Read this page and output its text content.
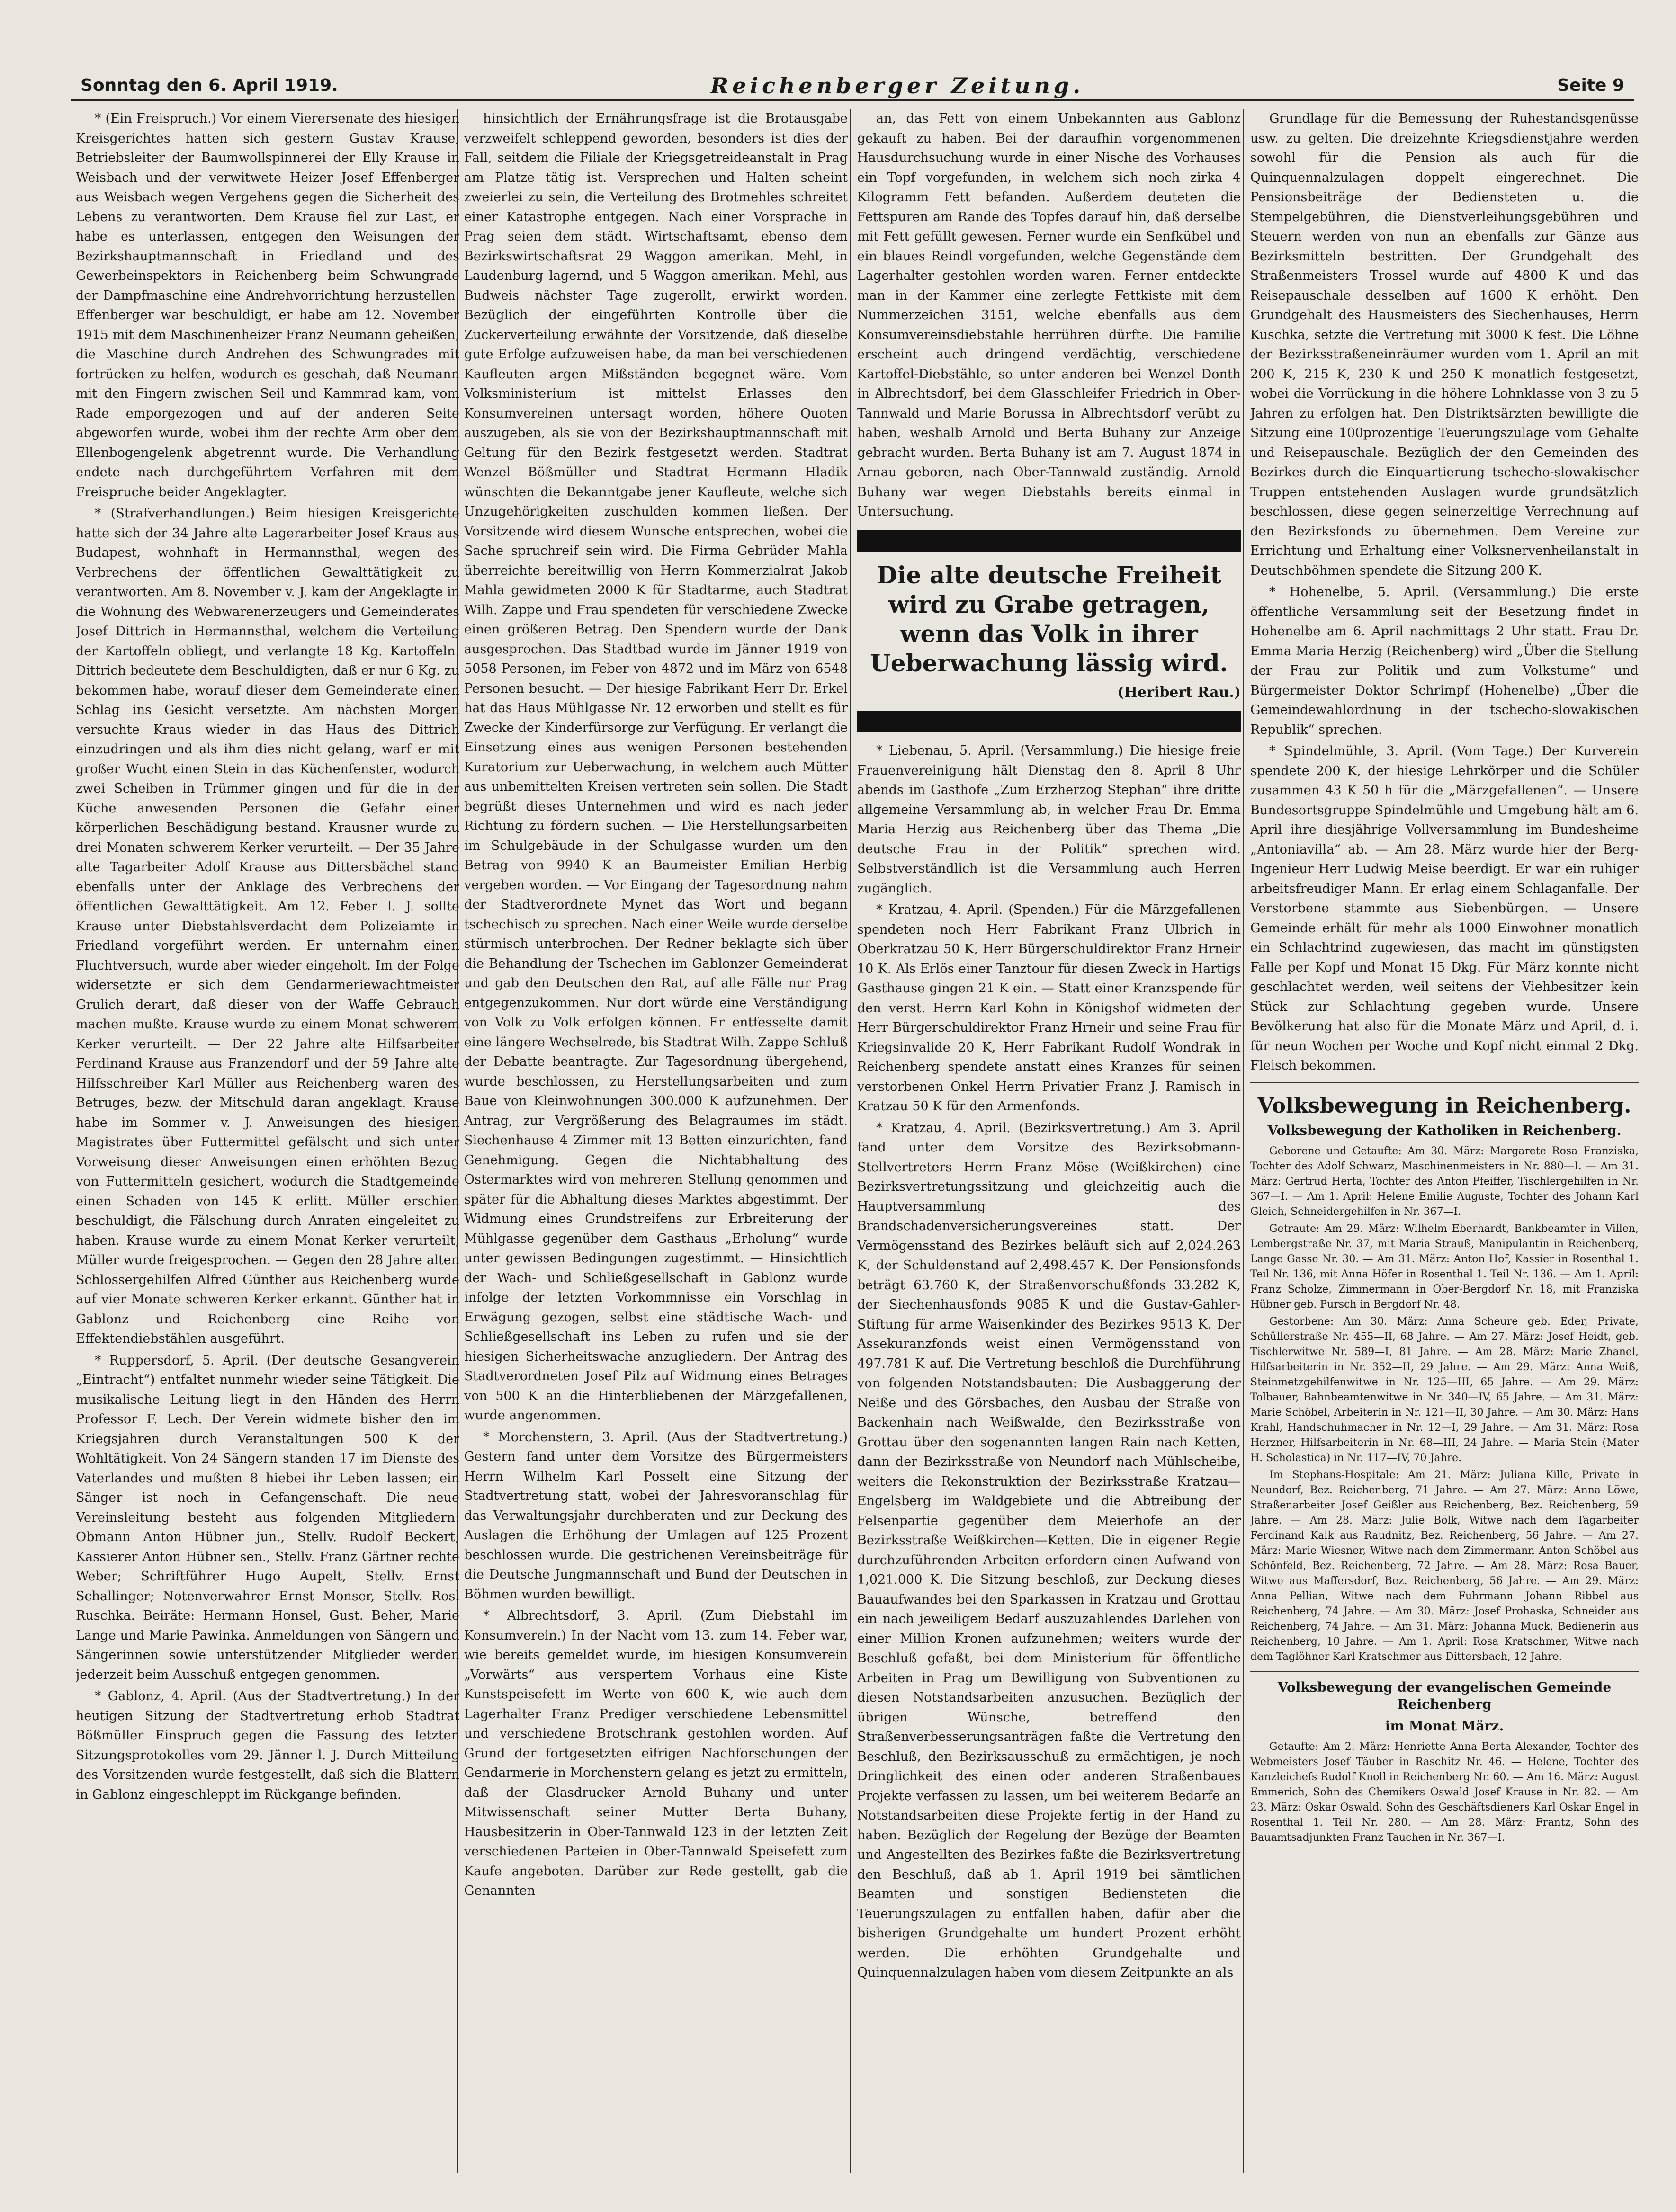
Sonntag den 6. April 1919.	Reichenberger Zeitung.	Seite 9

* (Ein Freispruch.) Vor einem Vierersenate des hiesigen Kreisgerichtes hatten sich gestern Gustav Krause, Betriebsleiter der Baumwollspinnerei der Elly Krause in Weisbach und der verwitwete Heizer Josef Effenberger aus Weisbach wegen Vergehens gegen die Sicherheit des Lebens zu verantworten. Dem Krause fiel zur Last, er habe es unterlassen, entgegen den Weisungen der Bezirkshauptmannschaft in Friedland und des Gewerbeinspektors in Reichenberg beim Schwungrade der Dampfmaschine eine Andrehvorrichtung herzustellen. Effenberger war beschuldigt, er habe am 12. November 1915 mit dem Maschinenheizer Franz Neumann geheißen, die Maschine durch Andrehen des Schwungrades mit fortrücken zu helfen, wodurch es geschah, daß Neumann mit den Fingern zwischen Seil und Kammrad kam, vom Rade emporgezogen und auf der anderen Seite abgeworfen wurde, wobei ihm der rechte Arm ober dem Ellenbogengelenk abgetrennt wurde. Die Verhandlung endete nach durchgeführtem Verfahren mit dem Freispruche beider Angeklagter.

* (Strafverhandlungen.) Beim hiesigen Kreisgerichte hatte sich der 34 Jahre alte Lagerarbeiter Josef Kraus aus Budapest, wohnhaft in Hermannsthal, wegen des Verbrechens der öffentlichen Gewalttätigkeit zu verantworten. Am 8. November v. J. kam der Angeklagte in die Wohnung des Webwarenerzeugers und Gemeinderates Josef Dittrich in Hermannsthal, welchem die Verteilung der Kartoffeln obliegt, und verlangte 18 Kg. Kartoffeln. Dittrich bedeutete dem Beschuldigten, daß er nur 6 Kg. zu bekommen habe, worauf dieser dem Gemeinderate einen Schlag ins Gesicht versetzte. Am nächsten Morgen versuchte Kraus wieder in das Haus des Dittrich einzudringen und als ihm dies nicht gelang, warf er mit großer Wucht einen Stein in das Küchenfenster, wodurch zwei Scheiben in Trümmer gingen und für die in der Küche anwesenden Personen die Gefahr einer körperlichen Beschädigung bestand. Krausner wurde zu drei Monaten schwerem Kerker verurteilt. — Der 35 Jahre alte Tagarbeiter Adolf Krause aus Dittersbächel stand ebenfalls unter der Anklage des Verbrechens der öffentlichen Gewalttätigkeit. Am 12. Feber l. J. sollte Krause unter Diebstahlsverdacht dem Polizeiamte in Friedland vorgeführt werden. Er unternahm einen Fluchtversuch, wurde aber wieder eingeholt. Im der Folge widersetzte er sich dem Gendarmeriewachtmeister Grulich derart, daß dieser von der Waffe Gebrauch machen mußte. Krause wurde zu einem Monat schwerem Kerker verurteilt. — Der 22 Jahre alte Hilfsarbeiter Ferdinand Krause aus Franzendorf und der 59 Jahre alte Hilfsschreiber Karl Müller aus Reichenberg waren des Betruges, bezw. der Mitschuld daran angeklagt. Krause habe im Sommer v. J. Anweisungen des hiesigen Magistrates über Futtermittel gefälscht und sich unter Vorweisung dieser Anweisungen einen erhöhten Bezug von Futtermitteln gesichert, wodurch die Stadtgemeinde einen Schaden von 145 K erlitt. Müller erschien beschuldigt, die Fälschung durch Anraten eingeleitet zu haben. Krause wurde zu einem Monat Kerker verurteilt, Müller wurde freigesprochen. — Gegen den 28 Jahre alten Schlossergehilfen Alfred Günther aus Reichenberg wurde auf vier Monate schweren Kerker erkannt. Günther hat in Gablonz und Reichenberg eine Reihe von Effektendiebstählen ausgeführt.

* Ruppersdorf, 5. April. (Der deutsche Gesangverein „Eintracht“) entfaltet nunmehr wieder seine Tätigkeit. Die musikalische Leitung liegt in den Händen des Herrn Professor F. Lech. Der Verein widmete bisher den im Kriegsjahren durch Veranstaltungen 500 K der Wohltätigkeit. Von 24 Sängern standen 17 im Dienste des Vaterlandes und mußten 8 hiebei ihr Leben lassen; ein Sänger ist noch in Gefangenschaft. Die neue Vereinsleitung besteht aus folgenden Mitgliedern: Obmann Anton Hübner jun., Stellv. Rudolf Beckert; Kassierer Anton Hübner sen., Stellv. Franz Gärtner rechte Weber; Schriftführer Hugo Aupelt, Stellv. Ernst Schallinger; Notenverwahrer Ernst Monser, Stellv. Rosl Ruschka. Beiräte: Hermann Honsel, Gust. Beher, Marie Lange und Marie Pawinka. Anmeldungen von Sängern und Sängerinnen sowie unterstützender Mitglieder werden jederzeit beim Ausschuß entgegen genommen.

* Gablonz, 4. April. (Aus der Stadtvertretung.) In der heutigen Sitzung der Stadtvertretung erhob Stadtrat Bößmüller Einspruch gegen die Fassung des letzten Sitzungsprotokolles vom 29. Jänner l. J. Durch Mitteilung des Vorsitzenden wurde festgestellt, daß sich die Blattern in Gablonz eingeschleppt im Rückgange befinden.

hinsichtlich der Ernährungsfrage ist die Brotausgabe verzweifelt schleppend geworden, besonders ist dies der Fall, seitdem die Filiale der Kriegsgetreideanstalt in Prag am Platze tätig ist. Versprechen und Halten scheint zweierlei zu sein, die Verteilung des Brotmehles schreitet einer Katastrophe entgegen. Nach einer Vorsprache in Prag seien dem städt. Wirtschaftsamt, ebenso dem Bezirkswirtschaftsrat 29 Waggon amerikan. Mehl, in Laudenburg lagernd, und 5 Waggon amerikan. Mehl, aus Budweis nächster Tage zugerollt, erwirkt worden. Bezüglich der eingeführten Kontrolle über die Zuckerverteilung erwähnte der Vorsitzende, daß dieselbe gute Erfolge aufzuweisen habe, da man bei verschiedenen Kaufleuten argen Mißständen begegnet wäre. Vom Volksministerium ist mittelst Erlasses den Konsumvereinen untersagt worden, höhere Quoten auszugeben, als sie von der Bezirkshauptmannschaft mit Geltung für den Bezirk festgesetzt werden. Stadtrat Wenzel Bößmüller und Stadtrat Hermann Hladik wünschten die Bekanntgabe jener Kaufleute, welche sich Unzugehörigkeiten zuschulden kommen ließen. Der Vorsitzende wird diesem Wunsche entsprechen, wobei die Sache spruchreif sein wird. Die Firma Gebrüder Mahla überreichte bereitwillig von Herrn Kommerzialrat Jakob Mahla gewidmeten 2000 K für Stadtarme, auch Stadtrat Wilh. Zappe und Frau spendeten für verschiedene Zwecke einen größeren Betrag. Den Spendern wurde der Dank ausgesprochen. Das Stadtbad wurde im Jänner 1919 von 5058 Personen, im Feber von 4872 und im März von 6548 Personen besucht. — Der hiesige Fabrikant Herr Dr. Erkel hat das Haus Mühlgasse Nr. 12 erworben und stellt es für Zwecke der Kinderfürsorge zur Verfügung. Er verlangt die Einsetzung eines aus wenigen Personen bestehenden Kuratorium zur Ueberwachung, in welchem auch Mütter aus unbemittelten Kreisen vertreten sein sollen. Die Stadt begrüßt dieses Unternehmen und wird es nach jeder Richtung zu fördern suchen. — Die Herstellungsarbeiten im Schulgebäude in der Schulgasse wurden um den Betrag von 9940 K an Baumeister Emilian Herbig vergeben worden. — Vor Eingang der Tagesordnung nahm der Stadtverordnete Mynet das Wort und begann tschechisch zu sprechen. Nach einer Weile wurde derselbe stürmisch unterbrochen. Der Redner beklagte sich über die Behandlung der Tschechen im Gablonzer Gemeinderat und gab den Deutschen den Rat, auf alle Fälle nur Prag entgegenzukommen. Nur dort würde eine Verständigung von Volk zu Volk erfolgen können. Er entfesselte damit eine längere Wechselrede, bis Stadtrat Wilh. Zappe Schluß der Debatte beantragte. Zur Tagesordnung übergehend, wurde beschlossen, zu Herstellungsarbeiten und zum Baue von Kleinwohnungen 300.000 K aufzunehmen. Der Antrag, zur Vergrößerung des Belagraumes im städt. Siechenhause 4 Zimmer mit 13 Betten einzurichten, fand Genehmigung. Gegen die Nichtabhaltung des Ostermarktes wird von mehreren Stellung genommen und später für die Abhaltung dieses Marktes abgestimmt. Der Widmung eines Grundstreifens zur Erbreiterung der Mühlgasse gegenüber dem Gasthaus „Erholung“ wurde unter gewissen Bedingungen zugestimmt. — Hinsichtlich der Wach- und Schließgesellschaft in Gablonz wurde infolge der letzten Vorkommnisse ein Vorschlag in Erwägung gezogen, selbst eine städtische Wach- und Schließgesellschaft ins Leben zu rufen und sie der hiesigen Sicherheitswache anzugliedern. Der Antrag des Stadtverordneten Josef Pilz auf Widmung eines Betrages von 500 K an die Hinterbliebenen der Märzgefallenen, wurde angenommen.

* Morchenstern, 3. April. (Aus der Stadtvertretung.) Gestern fand unter dem Vorsitze des Bürgermeisters Herrn Wilhelm Karl Posselt eine Sitzung der Stadtvertretung statt, wobei der Jahresvoranschlag für das Verwaltungsjahr durchberaten und zur Deckung des Auslagen die Erhöhung der Umlagen auf 125 Prozent beschlossen wurde. Die gestrichenen Vereinsbeiträge für die Deutsche Jungmannschaft und Bund der Deutschen in Böhmen wurden bewilligt.

* Albrechtsdorf, 3. April. (Zum Diebstahl im Konsumverein.) In der Nacht vom 13. zum 14. Feber war, wie bereits gemeldet wurde, im hiesigen Konsumverein „Vorwärts“ aus verspertem Vorhaus eine Kiste Kunstspeisefett im Werte von 600 K, wie auch dem Lagerhalter Franz Prediger verschiedene Lebensmittel und verschiedene Brotschrank gestohlen worden. Auf Grund der fortgesetzten eifrigen Nachforschungen der Gendarmerie in Morchenstern gelang es jetzt zu ermitteln, daß der Glasdrucker Arnold Buhany und unter Mitwissenschaft seiner Mutter Berta Buhany, Hausbesitzerin in Ober-Tannwald 123 in der letzten Zeit verschiedenen Parteien in Ober-Tannwald Speisefett zum Kaufe angeboten. Darüber zur Rede gestellt, gab die Genannten

an, das Fett von einem Unbekannten aus Gablonz gekauft zu haben. Bei der daraufhin vorgenommenen Hausdurchsuchung wurde in einer Nische des Vorhauses ein Topf vorgefunden, in welchem sich noch zirka 4 Kilogramm Fett befanden. Außerdem deuteten die Fettspuren am Rande des Topfes darauf hin, daß derselbe mit Fett gefüllt gewesen. Ferner wurde ein Senfkübel und ein blaues Reindl vorgefunden, welche Gegenstände dem Lagerhalter gestohlen worden waren. Ferner entdeckte man in der Kammer eine zerlegte Fettkiste mit dem Nummerzeichen 3151, welche ebenfalls aus dem Konsumvereinsdiebstahle herrühren dürfte. Die Familie erscheint auch dringend verdächtig, verschiedene Kartoffel-Diebstähle, so unter anderen bei Wenzel Donth in Albrechtsdorf, bei dem Glasschleifer Friedrich in Ober-Tannwald und Marie Borussa in Albrechtsdorf verübt zu haben, weshalb Arnold und Berta Buhany zur Anzeige gebracht wurden. Berta Buhany ist am 7. August 1874 in Arnau geboren, nach Ober-Tannwald zuständig. Arnold Buhany war wegen Diebstahls bereits einmal in Untersuchung.

Die alte deutsche Freiheit wird zu Grabe getragen, wenn das Volk in ihrer Ueberwachung lässig wird.
(Heribert Rau.)

* Liebenau, 5. April. (Versammlung.) Die hiesige freie Frauenvereinigung hält Dienstag den 8. April 8 Uhr abends im Gasthofe „Zum Erzherzog Stephan“ ihre dritte allgemeine Versammlung ab, in welcher Frau Dr. Emma Maria Herzig aus Reichenberg über das Thema „Die deutsche Frau in der Politik“ sprechen wird. Selbstverständlich ist die Versammlung auch Herren zugänglich.

* Kratzau, 4. April. (Spenden.) Für die Märzgefallenen spendeten noch Herr Fabrikant Franz Ulbrich in Oberkratzau 50 K, Herr Bürgerschuldirektor Franz Hrneir 10 K. Als Erlös einer Tanztour für diesen Zweck in Hartigs Gasthause gingen 21 K ein. — Statt einer Kranzspende für den verst. Herrn Karl Kohn in Königshof widmeten der Herr Bürgerschuldirektor Franz Hrneir und seine Frau für Kriegsinvalide 20 K, Herr Fabrikant Rudolf Wondrak in Reichenberg spendete anstatt eines Kranzes für seinen verstorbenen Onkel Herrn Privatier Franz J. Ramisch in Kratzau 50 K für den Armenfonds.

* Kratzau, 4. April. (Bezirksvertretung.) Am 3. April fand unter dem Vorsitze des Bezirksobmann-Stellvertreters Herrn Franz Möse (Weißkirchen) eine Bezirksvertretungssitzung und gleichzeitig auch die Hauptversammlung des Brandschadenversicherungsvereines statt. Der Vermögensstand des Bezirkes beläuft sich auf 2,024.263 K, der Schuldenstand auf 2,498.457 K. Der Pensionsfonds beträgt 63.760 K, der Straßenvorschußfonds 33.282 K, der Siechenhausfonds 9085 K und die Gustav-Gahler-Stiftung für arme Waisenkinder des Bezirkes 9513 K. Der Assekuranzfonds weist einen Vermögensstand von 497.781 K auf. Die Vertretung beschloß die Durchführung von folgenden Notstandsbauten: Die Ausbaggerung der Neiße und des Görsbaches, den Ausbau der Straße von Backenhain nach Weißwalde, den Bezirksstraße von Grottau über den sogenannten langen Rain nach Ketten, dann der Bezirksstraße von Neundorf nach Mühlscheibe, weiters die Rekonstruktion der Bezirksstraße Kratzau—Engelsberg im Waldgebiete und die Abtreibung der Felsenpartie gegenüber dem Meierhofe an der Bezirksstraße Weißkirchen—Ketten. Die in eigener Regie durchzuführenden Arbeiten erfordern einen Aufwand von 1,021.000 K. Die Sitzung beschloß, zur Deckung dieses Bauaufwandes bei den Sparkassen in Kratzau und Grottau ein nach jeweiligem Bedarf auszuzahlendes Darlehen von einer Million Kronen aufzunehmen; weiters wurde der Beschluß gefaßt, bei dem Ministerium für öffentliche Arbeiten in Prag um Bewilligung von Subventionen zu diesen Notstandsarbeiten anzusuchen. Bezüglich der übrigen Wünsche, betreffend den Straßenverbesserungsanträgen faßte die Vertretung den Beschluß, den Bezirksausschuß zu ermächtigen, je noch Dringlichkeit des einen oder anderen Straßenbaues Projekte verfassen zu lassen, um bei weiterem Bedarfe an Notstandsarbeiten diese Projekte fertig in der Hand zu haben. Bezüglich der Regelung der Bezüge der Beamten und Angestellten des Bezirkes faßte die Bezirksvertretung den Beschluß, daß ab 1. April 1919 bei sämtlichen Beamten und sonstigen Bediensteten die Teuerungszulagen zu entfallen haben, dafür aber die bisherigen Grundgehalte um hundert Prozent erhöht werden. Die erhöhten Grundgehalte und Quinquennalzulagen haben vom diesem Zeitpunkte an als

Grundlage für die Bemessung der Ruhestandsgenüsse usw. zu gelten. Die dreizehnte Kriegsdienstjahre werden sowohl für die Pension als auch für die Quinquennalzulagen doppelt eingerechnet. Die Pensionsbeiträge der Bediensteten u. die Stempelgebühren, die Dienstverleihungsgebühren und Steuern werden von nun an ebenfalls zur Gänze aus Bezirksmitteln bestritten. Der Grundgehalt des Straßenmeisters Trossel wurde auf 4800 K und das Reisepauschale desselben auf 1600 K erhöht. Den Grundgehalt des Hausmeisters des Siechenhauses, Herrn Kuschka, setzte die Vertretung mit 3000 K fest. Die Löhne der Bezirksstraßeneinräumer wurden vom 1. April an mit 200 K, 215 K, 230 K und 250 K monatlich festgesetzt, wobei die Vorrückung in die höhere Lohnklasse von 3 zu 5 Jahren zu erfolgen hat. Den Distriktsärzten bewilligte die Sitzung eine 100prozentige Teuerungszulage vom Gehalte und Reisepauschale. Bezüglich der den Gemeinden des Bezirkes durch die Einquartierung tschecho-slowakischer Truppen entstehenden Auslagen wurde grundsätzlich beschlossen, diese gegen seinerzeitige Verrechnung auf den Bezirksfonds zu übernehmen. Dem Vereine zur Errichtung und Erhaltung einer Volksnervenheilanstalt in Deutschböhmen spendete die Sitzung 200 K.

* Hohenelbe, 5. April. (Versammlung.) Die erste öffentliche Versammlung seit der Besetzung findet in Hohenelbe am 6. April nachmittags 2 Uhr statt. Frau Dr. Emma Maria Herzig (Reichenberg) wird „Über die Stellung der Frau zur Politik und zum Volkstume“ und Bürgermeister Doktor Schrimpf (Hohenelbe) „Über die Gemeindewahlordnung in der tschecho-slowakischen Republik“ sprechen.

* Spindelmühle, 3. April. (Vom Tage.) Der Kurverein spendete 200 K, der hiesige Lehrkörper und die Schüler zusammen 43 K 50 h für die „Märzgefallenen“. — Unsere Bundesortsgruppe Spindelmühle und Umgebung hält am 6. April ihre diesjährige Vollversammlung im Bundesheime „Antoniavilla“ ab. — Am 28. März wurde hier der Berg-Ingenieur Herr Ludwig Meise beerdigt. Er war ein ruhiger arbeitsfreudiger Mann. Er erlag einem Schlaganfalle. Der Verstorbene stammte aus Siebenbürgen. — Unsere Gemeinde erhält für mehr als 1000 Einwohner monatlich ein Schlachtrind zugewiesen, das macht im günstigsten Falle per Kopf und Monat 15 Dkg. Für März konnte nicht geschlachtet werden, weil seitens der Viehbesitzer kein Stück zur Schlachtung gegeben wurde. Unsere Bevölkerung hat also für die Monate März und April, d. i. für neun Wochen per Woche und Kopf nicht einmal 2 Dkg. Fleisch bekommen.

Volksbewegung in Reichenberg.
Volksbewegung der Katholiken in Reichenberg.

Geborene und Getaufte: Am 30. März: Margarete Rosa Franziska, Tochter des Adolf Schwarz, Maschinenmeisters in Nr. 880—I. — Am 31. März: Gertrud Herta, Tochter des Anton Pfeiffer, Tischlergehilfen in Nr. 367—I. — Am 1. April: Helene Emilie Auguste, Tochter des Johann Karl Gleich, Schneidergehilfen in Nr. 367—I.

Getraute: Am 29. März: Wilhelm Eberhardt, Bankbeamter in Villen, Lembergstraße Nr. 37, mit Maria Strauß, Manipulantin in Reichenberg, Lange Gasse Nr. 30. — Am 31. März: Anton Hof, Kassier in Rosenthal 1. Teil Nr. 136, mit Anna Höfer in Rosenthal 1. Teil Nr. 136. — Am 1. April: Franz Scholze, Zimmermann in Ober-Bergdorf Nr. 18, mit Franziska Hübner geb. Pursch in Bergdorf Nr. 48.

Gestorbene: Am 30. März: Anna Scheure geb. Eder, Private, Schüllerstraße Nr. 455—II, 68 Jahre. — Am 27. März: Josef Heidt, geb. Tischlerwitwe Nr. 589—I, 81 Jahre. — Am 28. März: Marie Zhanel, Hilfsarbeiterin in Nr. 352—II, 29 Jahre. — Am 29. März: Anna Weiß, Steinmetzgehilfenwitwe in Nr. 125—III, 65 Jahre. — Am 29. März: Tolbauer, Bahnbeamtenwitwe in Nr. 340—IV, 65 Jahre. — Am 31. März: Marie Schöbel, Arbeiterin in Nr. 121—II, 30 Jahre. — Am 30. März: Hans Krahl, Handschuhmacher in Nr. 12—I, 29 Jahre. — Am 31. März: Rosa Herzner, Hilfsarbeiterin in Nr. 68—III, 24 Jahre. — Maria Stein (Mater H. Scholastica) in Nr. 117—IV, 70 Jahre.

Im Stephans-Hospitale: Am 21. März: Juliana Kille, Private in Neundorf, Bez. Reichenberg, 71 Jahre. — Am 27. März: Anna Löwe, Straßenarbeiter Josef Geißler aus Reichenberg, Bez. Reichenberg, 59 Jahre. — Am 28. März: Julie Bölk, Witwe nach dem Tagarbeiter Ferdinand Kalk aus Raudnitz, Bez. Reichenberg, 56 Jahre. — Am 27. März: Marie Wiesner, Witwe nach dem Zimmermann Anton Schöbel aus Schönfeld, Bez. Reichenberg, 72 Jahre. — Am 28. März: Rosa Bauer, Witwe aus Maffersdorf, Bez. Reichenberg, 56 Jahre. — Am 29. März: Anna Pellian, Witwe nach dem Fuhrmann Johann Ribbel aus Reichenberg, 74 Jahre. — Am 30. März: Josef Prohaska, Schneider aus Reichenberg, 74 Jahre. — Am 31. März: Johanna Muck, Bedienerin aus Reichenberg, 10 Jahre. — Am 1. April: Rosa Kratschmer, Witwe nach dem Taglöhner Karl Kratschmer aus Dittersbach, 12 Jahre.

Volksbewegung der evangelischen Gemeinde Reichenberg
im Monat März.

Getaufte: Am 2. März: Henriette Anna Berta Alexander, Tochter des Webmeisters Josef Täuber in Raschitz Nr. 46. — Helene, Tochter des Kanzleichefs Rudolf Knoll in Reichenberg Nr. 60. — Am 16. März: August Emmerich, Sohn des Chemikers Oswald Josef Krause in Nr. 82. — Am 23. März: Oskar Oswald, Sohn des Geschäftsdieners Karl Oskar Engel in Rosenthal 1. Teil Nr. 280. — Am 28. März: Frantz, Sohn des Bauamtsadjunkten Franz Tauchen in Nr. 367—I.
